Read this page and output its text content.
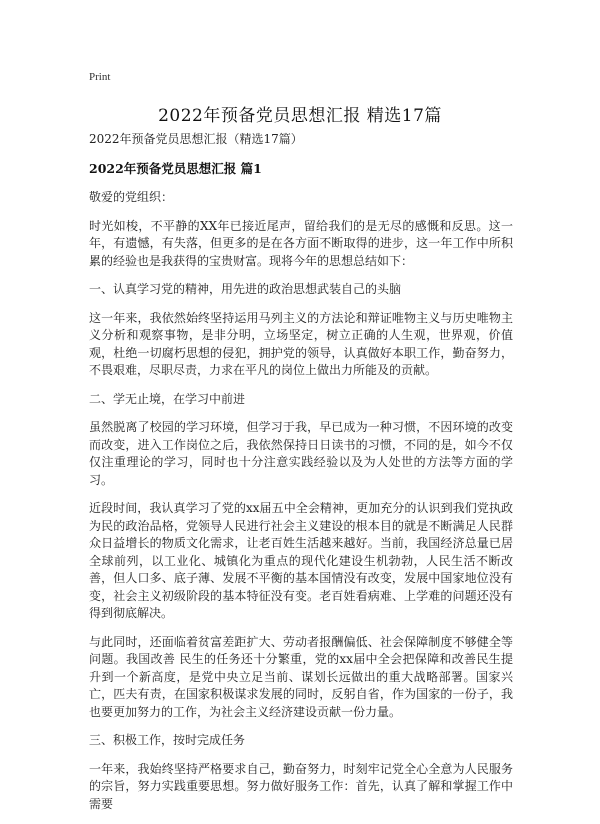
Print
2022年预备党员思想汇报 精选17篇
2022年预备党员思想汇报（精选17篇）
2022年预备党员思想汇报 篇1

敬爱的党组织：

时光如梭，不平静的XX年已接近尾声，留给我们的是无尽的感慨和反思。这一年，有遗憾，有失落，但更多的是在各方面不断取得的进步，这一年工作中所积累的经验也是我获得的宝贵财富。现将今年的思想总结如下：

一、认真学习党的精神，用先进的政治思想武装自己的头脑

这一年来，我依然始终坚持运用马列主义的方法论和辩证唯物主义与历史唯物主义分析和观察事物，是非分明，立场坚定，树立正确的人生观，世界观，价值观，杜绝一切腐朽思想的侵犯，拥护党的领导，认真做好本职工作，勤奋努力，不畏艰难，尽职尽责，力求在平凡的岗位上做出力所能及的贡献。

二、学无止境，在学习中前进

虽然脱离了校园的学习环境，但学习于我，早已成为一种习惯，不因环境的改变而改变，进入工作岗位之后，我依然保持日日读书的习惯，不同的是，如今不仅仅注重理论的学习，同时也十分注意实践经验以及为人处世的方法等方面的学习。

近段时间，我认真学习了党的xx届五中全会精神，更加充分的认识到我们党执政为民的政治品格，党领导人民进行社会主义建设的根本目的就是不断满足人民群众日益增长的物质文化需求，让老百姓生活越来越好。当前，我国经济总量已居全球前列，以工业化、城镇化为重点的现代化建设生机勃勃，人民生活不断改善，但人口多、底子薄、发展不平衡的基本国情没有改变，发展中国家地位没有变，社会主义初级阶段的基本特征没有变。老百姓看病难、上学难的问题还没有得到彻底解决。

与此同时，还面临着贫富差距扩大、劳动者报酬偏低、社会保障制度不够健全等问题。我国改善 民生的任务还十分繁重，党的xx届中全会把保障和改善民生提升到一个新高度，是党中央立足当前、谋划长远做出的重大战略部署。国家兴亡，匹夫有责，在国家积极谋求发展的同时，反躬自省，作为国家的一份子，我也要更加努力的工作，为社会主义经济建设贡献一份力量。

三、积极工作，按时完成任务

一年来，我始终坚持严格要求自己，勤奋努力，时刻牢记党全心全意为人民服务的宗旨，努力实践重要思想。努力做好服务工作：首先，认真了解和掌握工作中需要
